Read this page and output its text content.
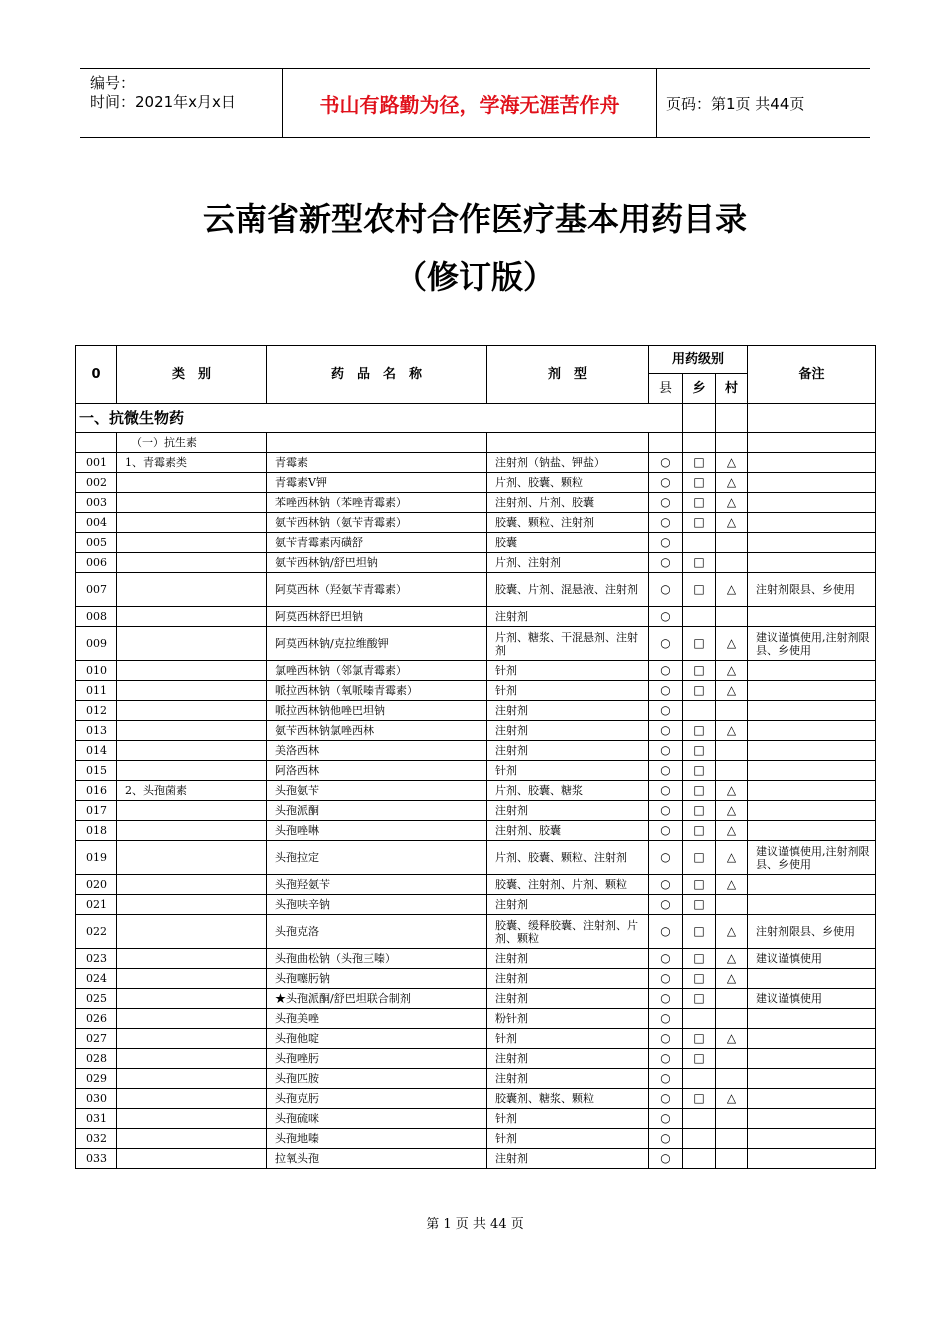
编号：
时间：2021年x月x日	书山有路勤为径，学海无涯苦作舟	页码：第1页 共44页
云南省新型农村合作医疗基本用药目录
（修订版）
0	类　别	药　品　名　称	剂　型	用药级别			备注
				县	乡	村	
一、抗微生物药							
	（一）抗生素						
001	1、青霉素类	青霉素	注射剂（钠盐、钾盐）	○	□	△	
002		青霉素V钾	片剂、胶囊、颗粒	○	□	△	
003		苯唑西林钠（苯唑青霉素）	注射剂、片剂、胶囊	○	□	△	
004		氨苄西林钠（氨苄青霉素）	胶囊、颗粒、注射剂	○	□	△	
005		氨苄青霉素丙磺舒	胶囊	○			
006		氨苄西林钠/舒巴坦钠	片剂、注射剂	○	□		
007		阿莫西林（羟氨苄青霉素）	胶囊、片剂、混悬液、注射剂	○	□	△	注射剂限县、乡使用
008		阿莫西林舒巴坦钠	注射剂	○			
009		阿莫西林钠/克拉维酸钾	片剂、糖浆、干混悬剂、注射剂	○	□	△	建议谨慎使用,注射剂限县、乡使用
010		氯唑西林钠（邻氯青霉素）	针剂	○	□	△	
011		哌拉西林钠（氧哌嗪青霉素）	针剂	○	□	△	
012		哌拉西林钠他唑巴坦钠	注射剂	○			
013		氨苄西林钠氯唑西林	注射剂	○	□	△	
014		美洛西林	注射剂	○	□		
015		阿洛西林	针剂	○	□		
016	2、头孢菌素	头孢氨苄	片剂、胶囊、糖浆	○	□	△	
017		头孢派酮	注射剂	○	□	△	
018		头孢唑啉	注射剂、胶囊	○	□	△	
019		头孢拉定	片剂、胶囊、颗粒、注射剂	○	□	△	建议谨慎使用,注射剂限县、乡使用
020		头孢羟氨苄	胶囊、注射剂、片剂、颗粒	○	□	△	
021		头孢呋辛钠	注射剂	○	□		
022		头孢克洛	胶囊、缓释胶囊、注射剂、片剂、颗粒	○	□	△	注射剂限县、乡使用
023		头孢曲松钠（头孢三嗪）	注射剂	○	□	△	建议谨慎使用
024		头孢噻肟钠	注射剂	○	□	△	
025		★头孢派酮/舒巴坦联合制剂	注射剂	○	□		建议谨慎使用
026		头孢美唑	粉针剂	○			
027		头孢他啶	针剂	○	□	△	
028		头孢唑肟	注射剂	○	□		
029		头孢匹胺	注射剂	○			
030		头孢克肟	胶囊剂、糖浆、颗粒	○	□	△	
031		头孢硫咪	针剂	○			
032		头孢地嗪	针剂	○			
033		拉氧头孢	注射剂	○			
第 1 页 共 44 页
